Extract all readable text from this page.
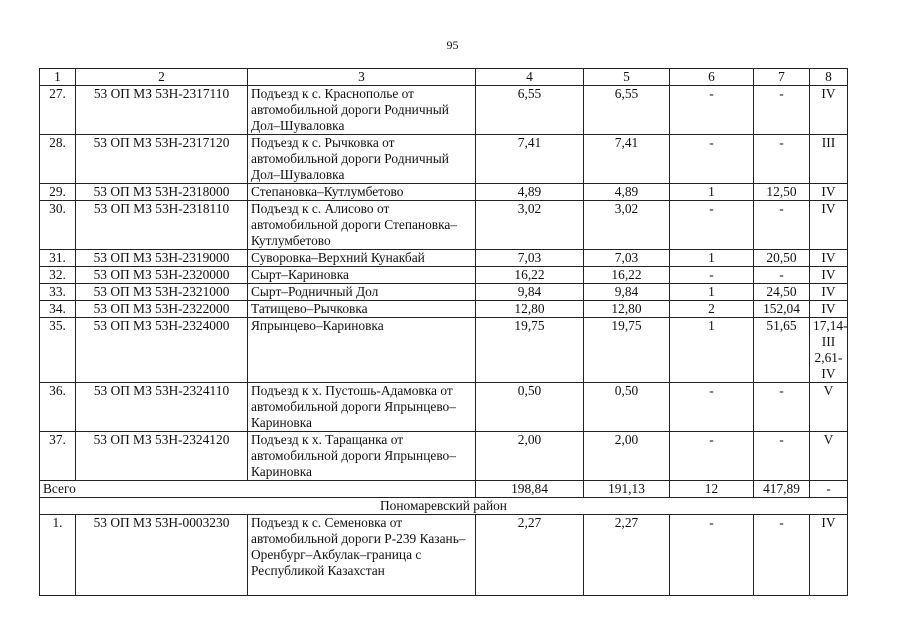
95
1	2	3	4	5	6	7	8
27.	53 ОП МЗ 53Н-2317110	Подъезд к с. Краснополье от автомобильной дороги Родничный Дол–Шуваловка	6,55	6,55	-	-	IV
28.	53 ОП МЗ 53Н-2317120	Подъезд к с. Рычковка от автомобильной дороги Родничный Дол–Шуваловка	7,41	7,41	-	-	III
29.	53 ОП МЗ 53Н-2318000	Степановка–Кутлумбетово	4,89	4,89	1	12,50	IV
30.	53 ОП МЗ 53Н-2318110	Подъезд к с. Алисово от автомобильной дороги Степановка–Кутлумбетово	3,02	3,02	-	-	IV
31.	53 ОП МЗ 53Н-2319000	Суворовка–Верхний Кунакбай	7,03	7,03	1	20,50	IV
32.	53 ОП МЗ 53Н-2320000	Сырт–Кариновка	16,22	16,22	-	-	IV
33.	53 ОП МЗ 53Н-2321000	Сырт–Родничный Дол	9,84	9,84	1	24,50	IV
34.	53 ОП МЗ 53Н-2322000	Татищево–Рычковка	12,80	12,80	2	152,04	IV
35.	53 ОП МЗ 53Н-2324000	Япрынцево–Кариновка	19,75	19,75	1	51,65	17,14-III
2,61-IV

36.	53 ОП МЗ 53Н-2324110	Подъезд к х. Пустошь-Адамовка от автомобильной дороги Япрынцево–Кариновка	0,50	0,50	-	-	V
37.	53 ОП МЗ 53Н-2324120	Подъезд к х. Таращанка от автомобильной дороги Япрынцево–Кариновка	2,00	2,00	-	-	V
Всего			198,84	191,13	12	417,89	-
Пономаревский район							
1.	53 ОП МЗ 53Н-0003230	Подъезд к с. Семеновка от автомобильной дороги Р-239 Казань–Оренбург–Акбулак–граница с Республикой Казахстан	2,27	2,27	-	-	IV
